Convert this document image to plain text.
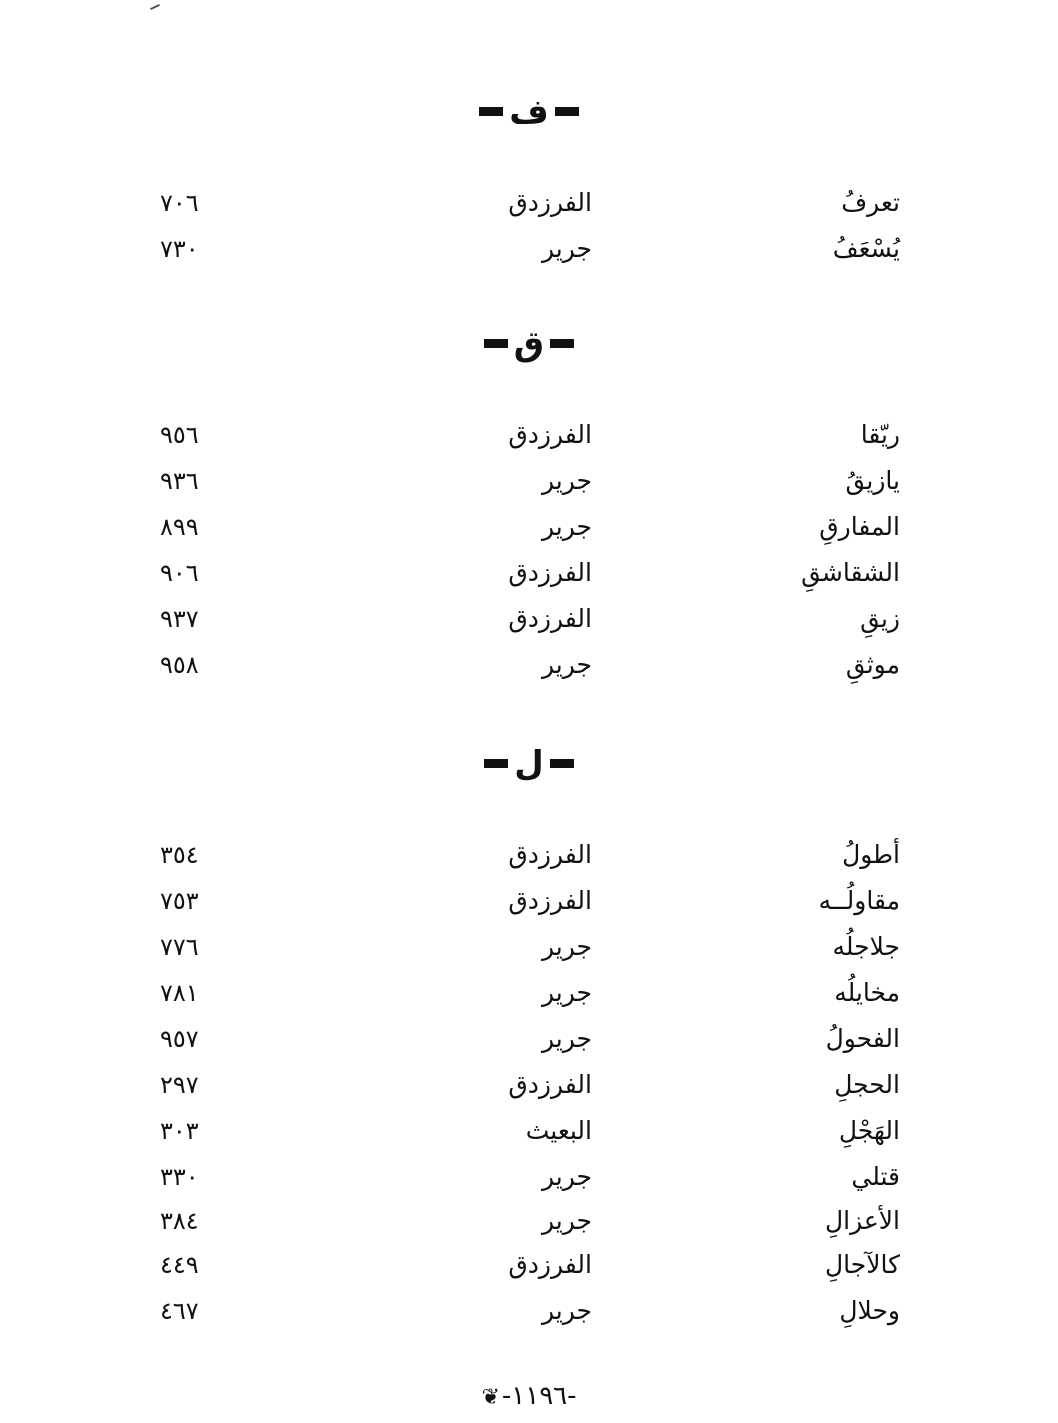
ف
تعرفُ
الفرزدق
٧٠٦
يُسْعَفُ
جرير
٧٣٠
ق
ريّقا
الفرزدق
٩٥٦
يازيقُ
جرير
٩٣٦
المفارقِ
جرير
٨٩٩
الشقاشقِ
الفرزدق
٩٠٦
زيقِ
الفرزدق
٩٣٧
موثقِ
جرير
٩٥٨
ل
أطولُ
الفرزدق
٣٥٤
مقاولُــه
الفرزدق
٧٥٣
جلاجلُه
جرير
٧٧٦
مخايلُه
جرير
٧٨١
الفحولُ
جرير
٩٥٧
الحجلِ
الفرزدق
٢٩٧
الهَجْلِ
البعيث
٣٠٣
قتلي
جرير
٣٣٠
الأعزالِ
جرير
٣٨٤
كالآجالِ
الفرزدق
٤٤٩
وحلالِ
جرير
٤٦٧
❦-١١٩٦-
